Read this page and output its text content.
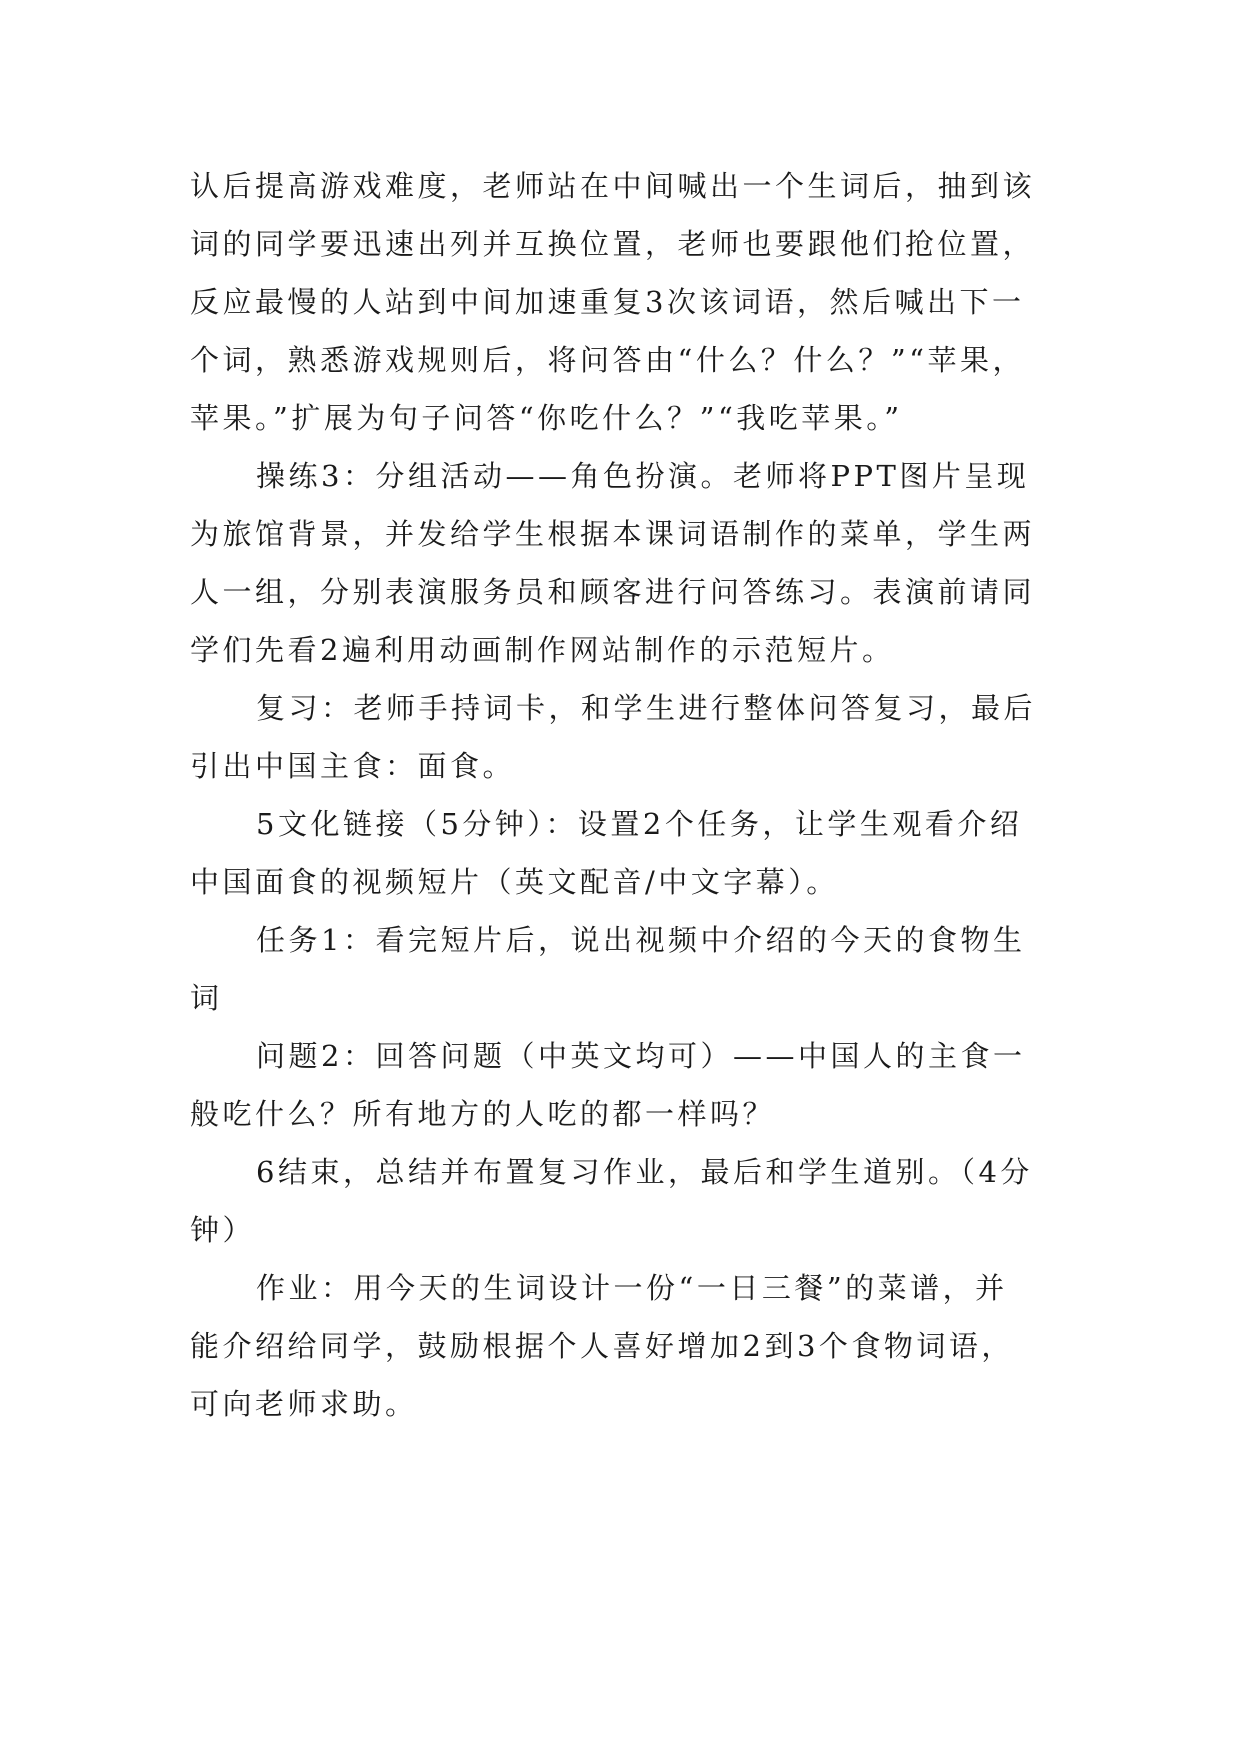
认后提高游戏难度，老师站在中间喊出一个生词后，抽到该
词的同学要迅速出列并互换位置，老师也要跟他们抢位置，
反应最慢的人站到中间加速重复3次该词语，然后喊出下一
个词，熟悉游戏规则后，将问答由“什么？什么？”“苹果，
苹果。”扩展为句子问答“你吃什么？”“我吃苹果。”
操练3：分组活动——角色扮演。老师将PPT图片呈现
为旅馆背景，并发给学生根据本课词语制作的菜单，学生两
人一组，分别表演服务员和顾客进行问答练习。表演前请同
学们先看2遍利用动画制作网站制作的示范短片。
复习：老师手持词卡，和学生进行整体问答复习，最后
引出中国主食：面食。
5文化链接（5分钟）：设置2个任务，让学生观看介绍
中国面食的视频短片（英文配音/中文字幕）。
任务1：看完短片后，说出视频中介绍的今天的食物生
词
问题2：回答问题（中英文均可）——中国人的主食一
般吃什么？所有地方的人吃的都一样吗？
6结束，总结并布置复习作业，最后和学生道别。（4分
钟）
作业：用今天的生词设计一份“一日三餐”的菜谱，并
能介绍给同学，鼓励根据个人喜好增加2到3个食物词语，
可向老师求助。
